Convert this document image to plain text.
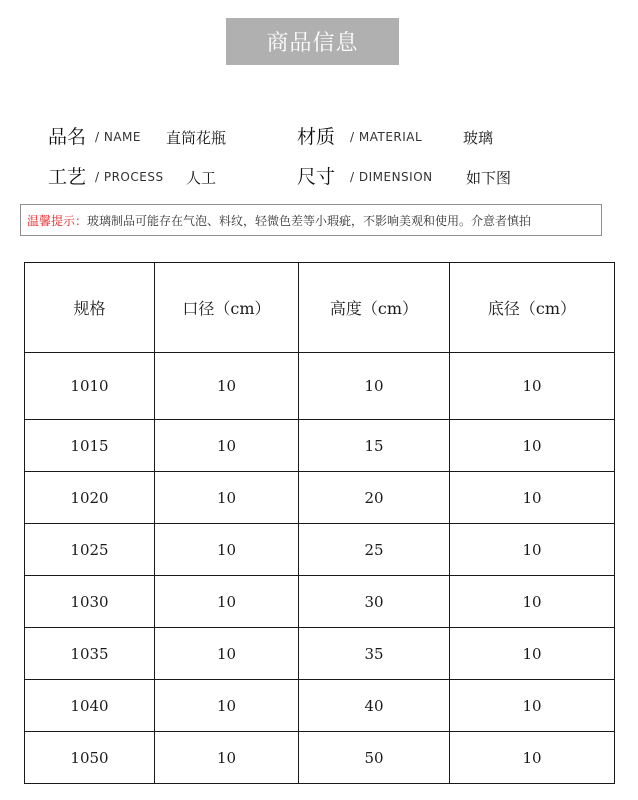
商品信息
品名 / NAME 直筒花瓶	材质 / MATERIAL	玻璃
工艺 / PROCESS 人工	尺寸 / DIMENSION 如下图
温馨提示： 玻璃制品可能存在气泡、料纹，轻微色差等小瑕疵，不影响美观和使用。介意者慎拍
规格	口径（cm）	高度（cm）	底径（cm）
1010	10	10	10
1015	10	15	10
1020	10	20	10
1025	10	25	10
1030	10	30	10
1035	10	35	10
1040	10	40	10
1050	10	50	10
